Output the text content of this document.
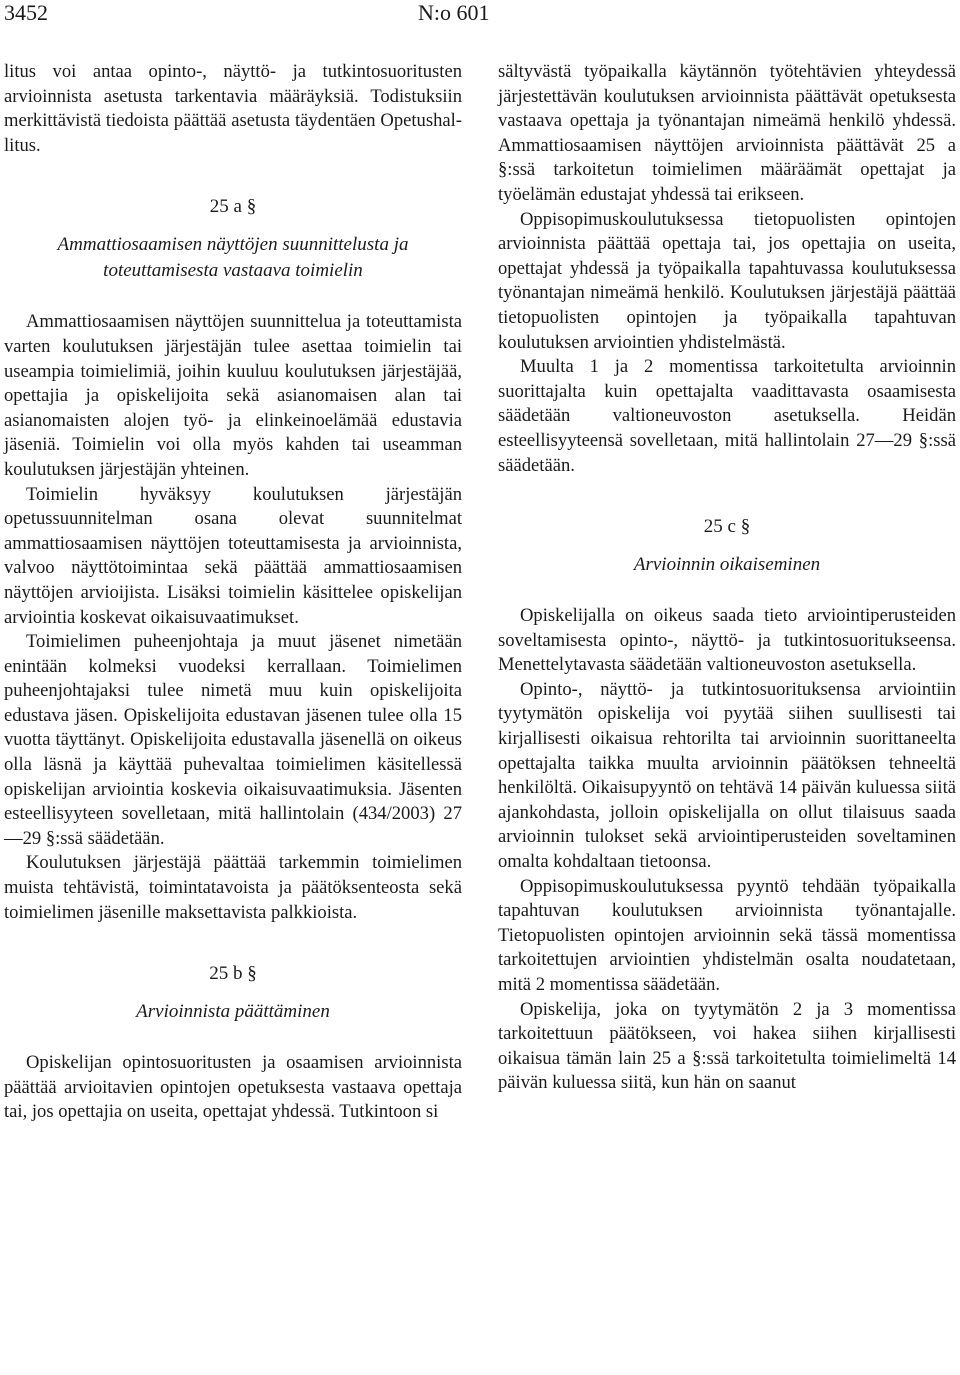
3452	N:o 601

litus voi antaa opinto-, näyttö- ja tutkintosuoritusten arvioinnista asetusta tarkentavia määräyksiä. Todistuksiin merkittävistä tiedoista päättää asetusta täydentäen Opetushallitus.

25 a §
Ammattiosaamisen näyttöjen suunnittelusta ja toteuttamisesta vastaava toimielin

Ammattiosaamisen näyttöjen suunnittelua ja toteuttamista varten koulutuksen järjestäjän tulee asettaa toimielin tai useampia toimielimiä, joihin kuuluu koulutuksen järjestäjää, opettajia ja opiskelijoita sekä asianomaisen alan tai asianomaisten alojen työ- ja elinkeinoelämää edustavia jäseniä. Toimielin voi olla myös kahden tai useamman koulutuksen järjestäjän yhteinen.

Toimielin hyväksyy koulutuksen järjestäjän opetussuunnitelman osana olevat suunnitelmat ammattiosaamisen näyttöjen toteuttamisesta ja arvioinnista, valvoo näyttötoimintaa sekä päättää ammattiosaamisen näyttöjen arvioijista. Lisäksi toimielin käsittelee opiskelijan arviointia koskevat oikaisuvaatimukset.

Toimielimen puheenjohtaja ja muut jäsenet nimetään enintään kolmeksi vuodeksi kerrallaan. Toimielimen puheenjohtajaksi tulee nimetä muu kuin opiskelijoita edustava jäsen. Opiskelijoita edustavan jäsenen tulee olla 15 vuotta täyttänyt. Opiskelijoita edustavalla jäsenellä on oikeus olla läsnä ja käyttää puhevaltaa toimielimen käsitellessä opiskelijan arviointia koskevia oikaisuvaatimuksia. Jäsenten esteellisyyteen sovelletaan, mitä hallintolain (434/2003) 27—29 §:ssä säädetään.

Koulutuksen järjestäjä päättää tarkemmin toimielimen muista tehtävistä, toimintatavoista ja päätöksenteosta sekä toimielimen jäsenille maksettavista palkkioista.

25 b §
Arvioinnista päättäminen

Opiskelijan opintosuoritusten ja osaamisen arvioinnista päättää arvioitavien opintojen opetuksesta vastaava opettaja tai, jos opettajia on useita, opettajat yhdessä. Tutkintoon si

sältyvästä työpaikalla käytännön työtehtävien yhteydessä järjestettävän koulutuksen arvioinnista päättävät opetuksesta vastaava opettaja ja työnantajan nimeämä henkilö yhdessä. Ammattiosaamisen näyttöjen arvioinnista päättävät 25 a §:ssä tarkoitetun toimielimen määräämät opettajat ja työelämän edustajat yhdessä tai erikseen.

Oppisopimuskoulutuksessa tietopuolisten opintojen arvioinnista päättää opettaja tai, jos opettajia on useita, opettajat yhdessä ja työpaikalla tapahtuvassa koulutuksessa työnantajan nimeämä henkilö. Koulutuksen järjestäjä päättää tietopuolisten opintojen ja työpaikalla tapahtuvan koulutuksen arviointien yhdistelmästä.

Muulta 1 ja 2 momentissa tarkoitetulta arvioinnin suorittajalta kuin opettajalta vaadittavasta osaamisesta säädetään valtioneuvoston asetuksella. Heidän esteellisyyteensä sovelletaan, mitä hallintolain 27—29 §:ssä säädetään.

25 c §
Arvioinnin oikaiseminen

Opiskelijalla on oikeus saada tieto arviointiperusteiden soveltamisesta opinto-, näyttö- ja tutkintosuoritukseensa. Menettelytavasta säädetään valtioneuvoston asetuksella.

Opinto-, näyttö- ja tutkintosuorituksensa arviointiin tyytymätön opiskelija voi pyytää siihen suullisesti tai kirjallisesti oikaisua rehtorilta tai arvioinnin suorittaneelta opettajalta taikka muulta arvioinnin päätöksen tehneeltä henkilöltä. Oikaisupyyntö on tehtävä 14 päivän kuluessa siitä ajankohdasta, jolloin opiskelijalla on ollut tilaisuus saada arvioinnin tulokset sekä arviointiperusteiden soveltaminen omalta kohdaltaan tietoonsa.

Oppisopimuskoulutuksessa pyyntö tehdään työpaikalla tapahtuvan koulutuksen arvioinnista työnantajalle. Tietopuolisten opintojen arvioinnin sekä tässä momentissa tarkoitettujen arviointien yhdistelmän osalta noudatetaan, mitä 2 momentissa säädetään.

Opiskelija, joka on tyytymätön 2 ja 3 momentissa tarkoitettuun päätökseen, voi hakea siihen kirjallisesti oikaisua tämän lain 25 a §:ssä tarkoitetulta toimielimeltä 14 päivän kuluessa siitä, kun hän on saanut
